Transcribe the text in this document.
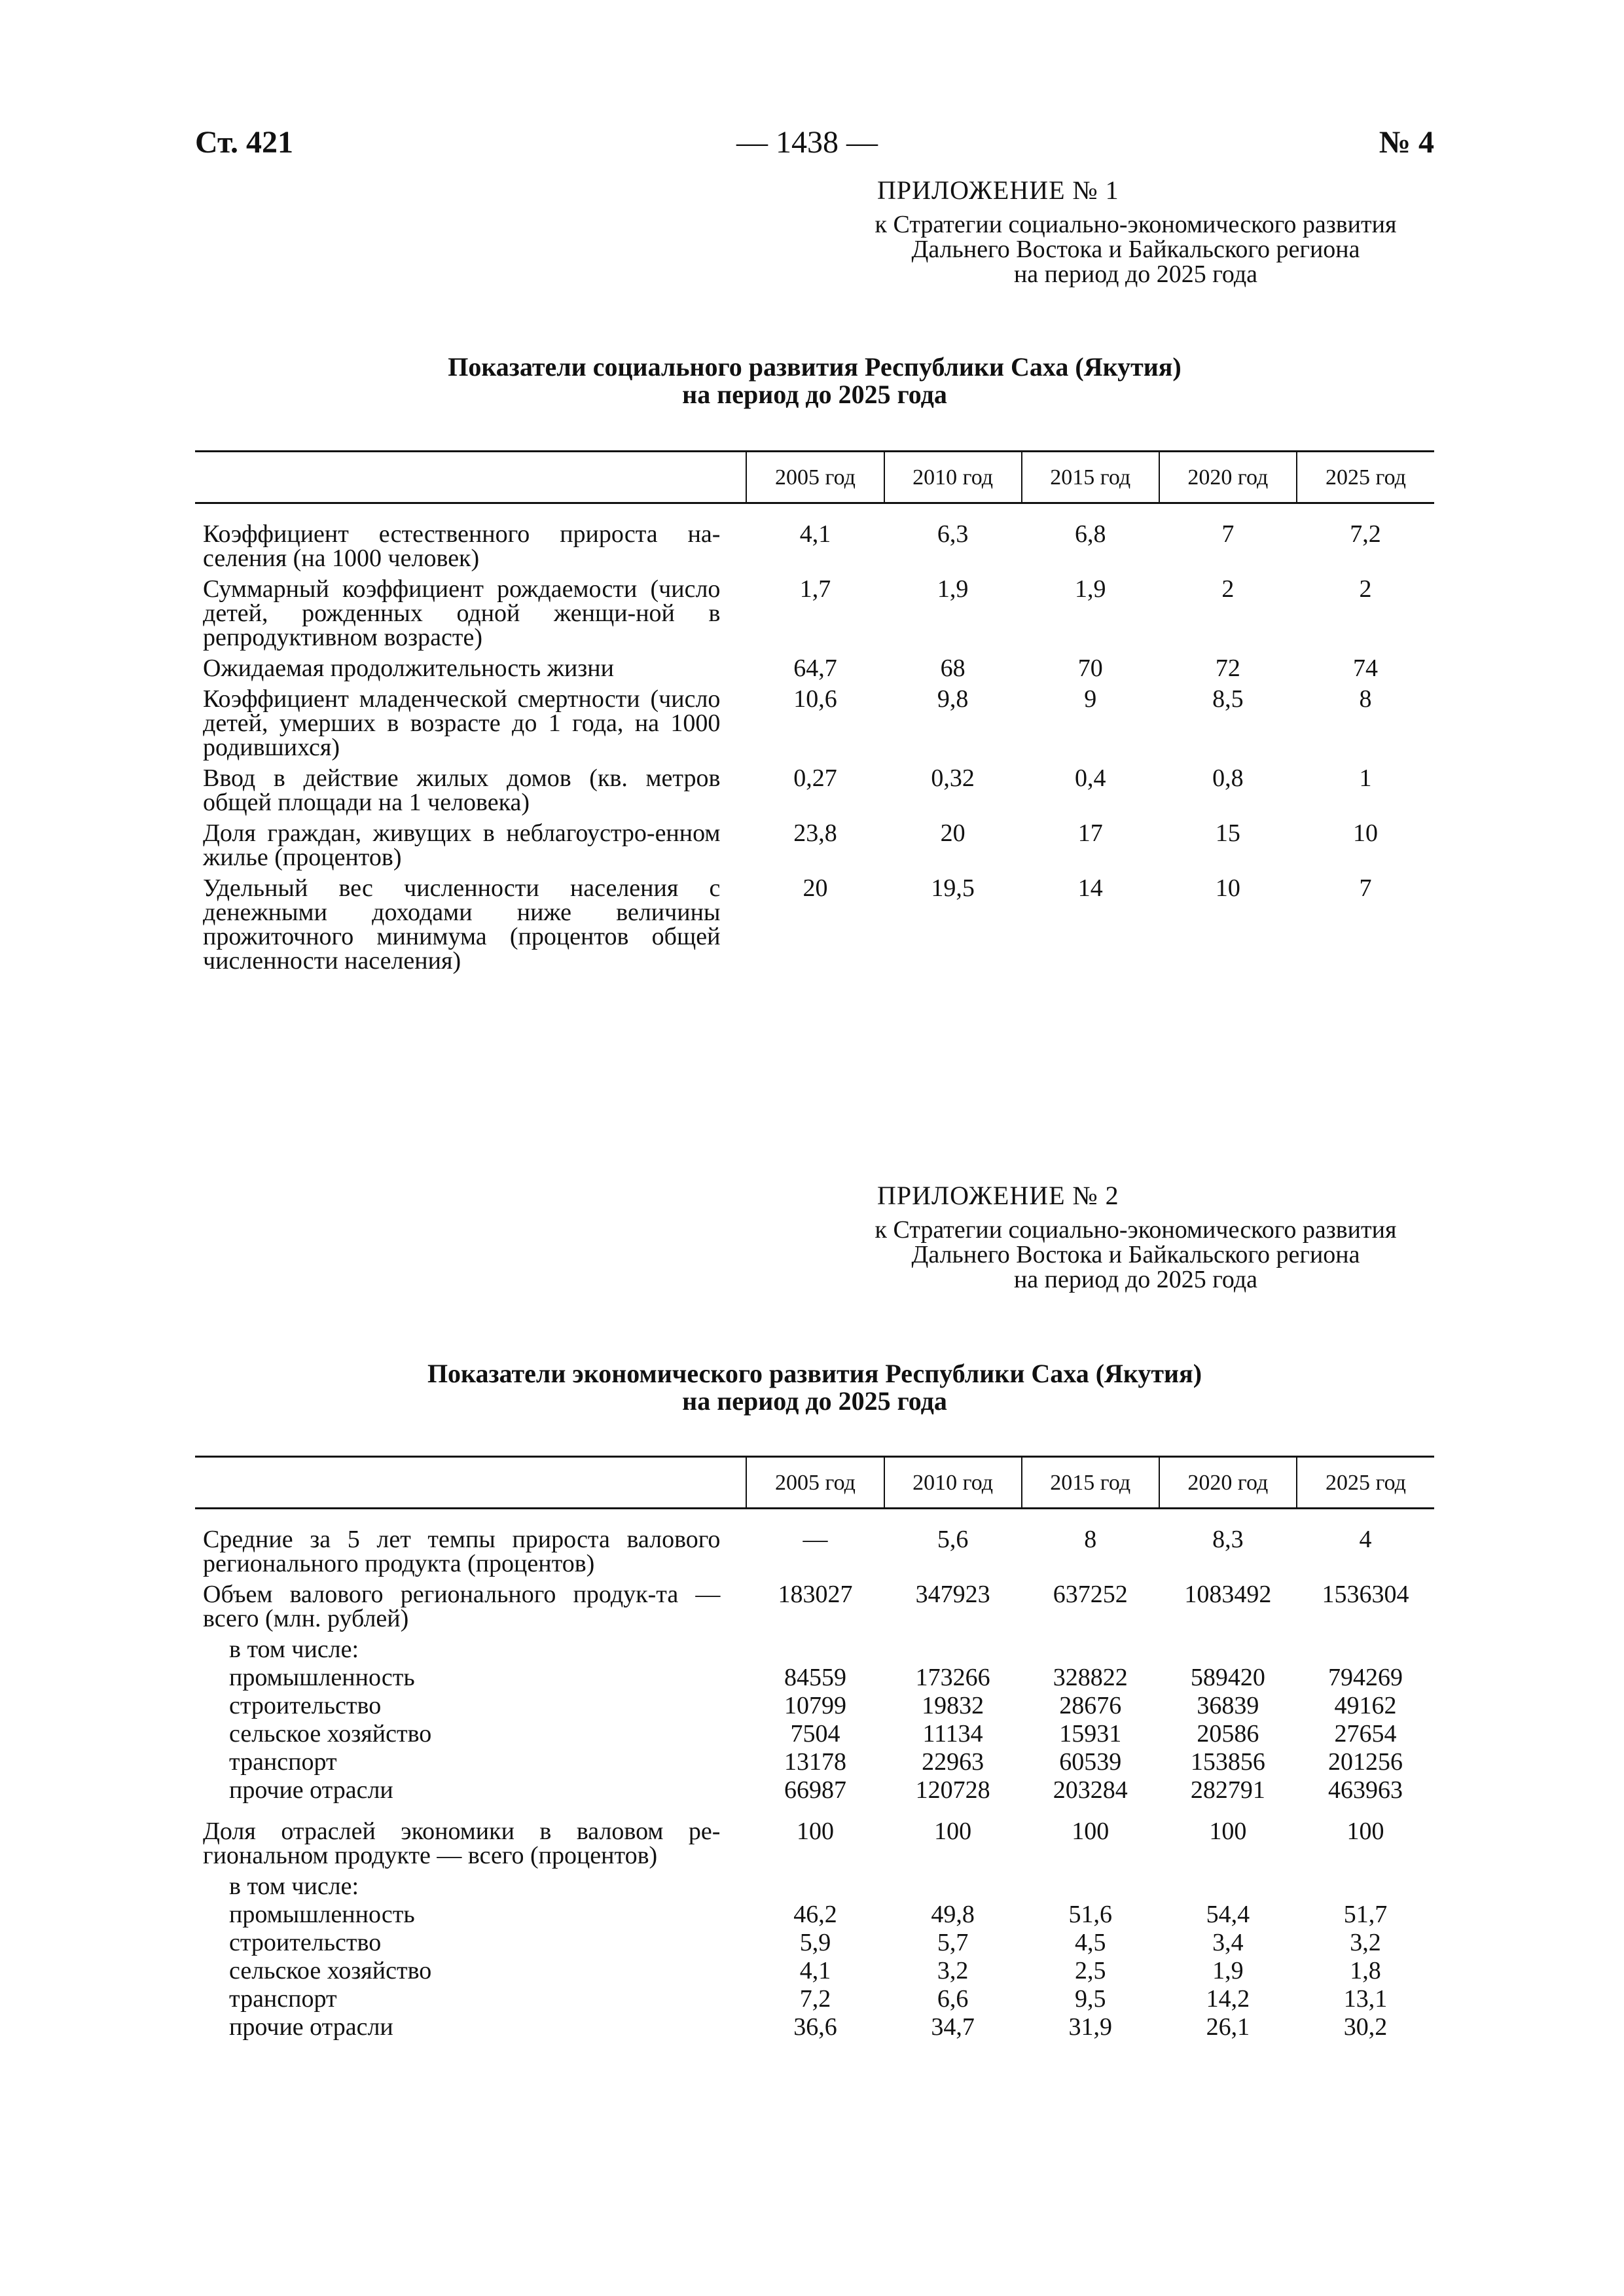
Ст. 421	— 1438 —	№ 4
ПРИЛОЖЕНИЕ № 1
к Стратегии социально-экономического развития
Дальнего Востока и Байкальского региона
на период до 2025 года
Показатели социального развития Республики Саха (Якутия)
на период до 2025 года
	2005 год	2010 год	2015 год	2020 год	2025 год

Коэффициент естественного прироста на-селения (на 1000 человек)	4,1	6,3	6,8	7	7,2

Суммарный коэффициент рождаемости (число детей, рожденных одной женщи-ной в репродуктивном возрасте)	1,7	1,9	1,9	2	2

Ожидаемая продолжительность жизни	64,7	68	70	72	74

Коэффициент младенческой смертности (число детей, умерших в возрасте до 1 года, на 1000 родившихся)	10,6	9,8	9	8,5	8

Ввод в действие жилых домов (кв. метров общей площади на 1 человека)	0,27	0,32	0,4	0,8	1

Доля граждан, живущих в неблагоустро-енном жилье (процентов)	23,8	20	17	15	10

Удельный вес численности населения с денежными доходами ниже величины прожиточного минимума (процентов общей численности населения)	20	19,5	14	10	7

ПРИЛОЖЕНИЕ № 2
к Стратегии социально-экономического развития
Дальнего Востока и Байкальского региона
на период до 2025 года
Показатели экономического развития Республики Саха (Якутия)
на период до 2025 года
	2005 год	2010 год	2015 год	2020 год	2025 год

Средние за 5 лет темпы прироста валового регионального продукта (процентов)	—	5,6	8	8,3	4

Объем валового регионального продук-та — всего (млн. рублей)	183027	347923	637252	1083492	1536304

в том числе:					

промышленность	84559	173266	328822	589420	794269

строительство	10799	19832	28676	36839	49162

сельское хозяйство	7504	11134	15931	20586	27654

транспорт	13178	22963	60539	153856	201256

прочие отрасли	66987	120728	203284	282791	463963

Доля отраслей экономики в валовом ре-гиональном продукте — всего (процентов)	100	100	100	100	100

в том числе:					

промышленность	46,2	49,8	51,6	54,4	51,7

строительство	5,9	5,7	4,5	3,4	3,2

сельское хозяйство	4,1	3,2	2,5	1,9	1,8

транспорт	7,2	6,6	9,5	14,2	13,1

прочие отрасли	36,6	34,7	31,9	26,1	30,2
